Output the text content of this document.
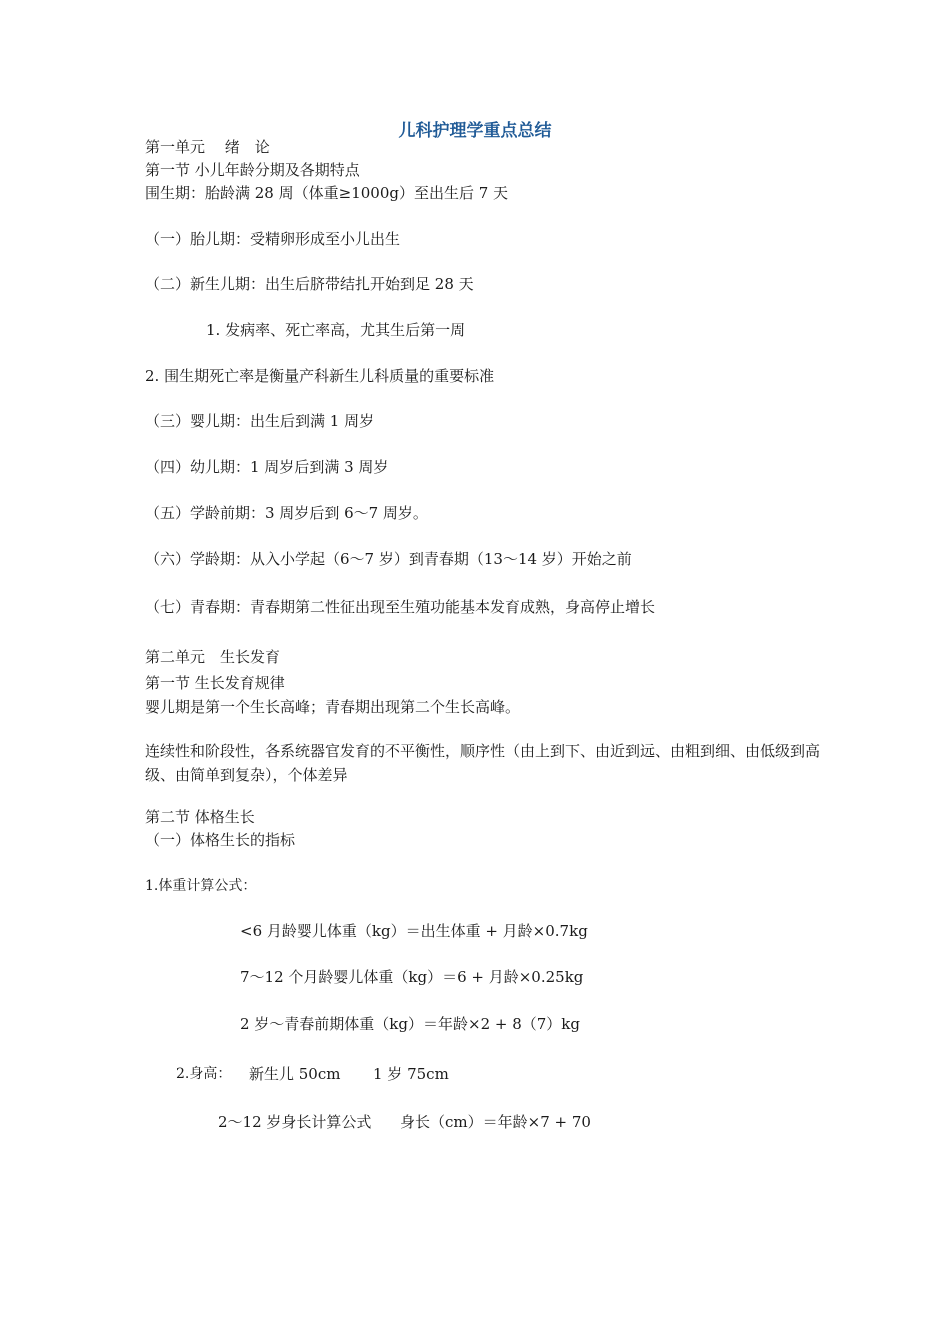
儿科护理学重点总结
第一单元　 绪　论
第一节 小儿年龄分期及各期特点
围生期：胎龄满 28 周（体重≥1000g）至出生后 7 天
（一）胎儿期：受精卵形成至小儿出生
（二）新生儿期：出生后脐带结扎开始到足 28 天
1. 发病率、死亡率高，尤其生后第一周
2. 围生期死亡率是衡量产科新生儿科质量的重要标准
（三）婴儿期：出生后到满 1 周岁
（四）幼儿期：1 周岁后到满 3 周岁
（五）学龄前期：3 周岁后到 6～7 周岁。
（六）学龄期：从入小学起（6～7 岁）到青春期（13～14 岁）开始之前
（七）青春期：青春期第二性征出现至生殖功能基本发育成熟，身高停止增长
第二单元　生长发育
第一节 生长发育规律
婴儿期是第一个生长高峰；青春期出现第二个生长高峰。
连续性和阶段性，各系统器官发育的不平衡性，顺序性（由上到下、由近到远、由粗到细、由低级到高级、由简单到复杂），个体差异
第二节 体格生长
（一）体格生长的指标
1.体重计算公式：
<6 月龄婴儿体重（kg）＝出生体重 + 月龄×0.7kg
7～12 个月龄婴儿体重（kg）＝6 + 月龄×0.25kg
2 岁～青春前期体重（kg）＝年龄×2 + 8（7）kg
2.身高： 新生儿 50cm 1 岁 75cm
2～12 岁身长计算公式 身长（cm）＝年龄×7 + 70
